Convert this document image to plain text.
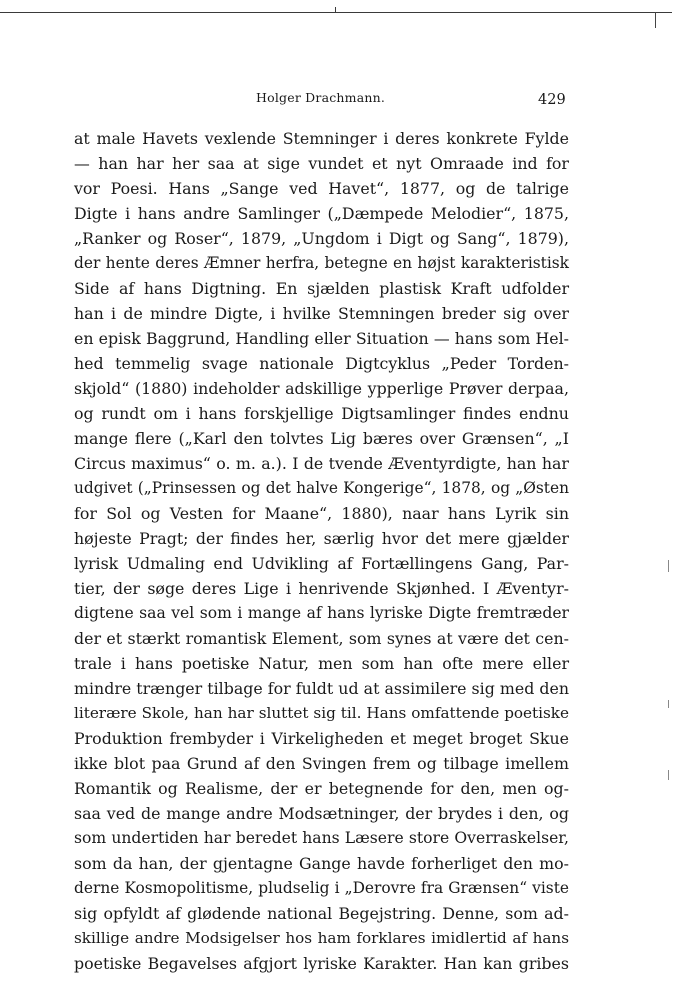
Holger Drachmann.	429
at male Havets vexlende Stemninger i deres konkrete Fylde
— han har her saa at sige vundet et nyt Omraade ind for
vor Poesi. Hans „Sange ved Havet“, 1877, og de talrige
Digte i hans andre Samlinger („Dæmpede Melodier“, 1875,
„Ranker og Roser“, 1879, „Ungdom i Digt og Sang“, 1879),
der hente deres Æmner herfra, betegne en højst karakteristisk
Side af hans Digtning. En sjælden plastisk Kraft udfolder
han i de mindre Digte, i hvilke Stemningen breder sig over
en episk Baggrund, Handling eller Situation — hans som Hel-
hed temmelig svage nationale Digtcyklus „Peder Torden-
skjold“ (1880) indeholder adskillige ypperlige Prøver derpaa,
og rundt om i hans forskjellige Digtsamlinger findes endnu
mange flere („Karl den tolvtes Lig bæres over Grænsen“, „I
Circus maximus“ o. m. a.). I de tvende Æventyrdigte, han har
udgivet („Prinsessen og det halve Kongerige“, 1878, og „Østen
for Sol og Vesten for Maane“, 1880), naar hans Lyrik sin
højeste Pragt; der findes her, særlig hvor det mere gjælder
lyrisk Udmaling end Udvikling af Fortællingens Gang, Par-
tier, der søge deres Lige i henrivende Skjønhed. I Æventyr-
digtene saa vel som i mange af hans lyriske Digte fremtræder
der et stærkt romantisk Element, som synes at være det cen-
trale i hans poetiske Natur, men som han ofte mere eller
mindre trænger tilbage for fuldt ud at assimilere sig med den
literære Skole, han har sluttet sig til. Hans omfattende poetiske
Produktion frembyder i Virkeligheden et meget broget Skue
ikke blot paa Grund af den Svingen frem og tilbage imellem
Romantik og Realisme, der er betegnende for den, men og-
saa ved de mange andre Modsætninger, der brydes i den, og
som undertiden har beredet hans Læsere store Overraskelser,
som da han, der gjentagne Gange havde forherliget den mo-
derne Kosmopolitisme, pludselig i „Derovre fra Grænsen“ viste
sig opfyldt af glødende national Begejstring. Denne, som ad-
skillige andre Modsigelser hos ham forklares imidlertid af hans
poetiske Begavelses afgjort lyriske Karakter. Han kan gribes
